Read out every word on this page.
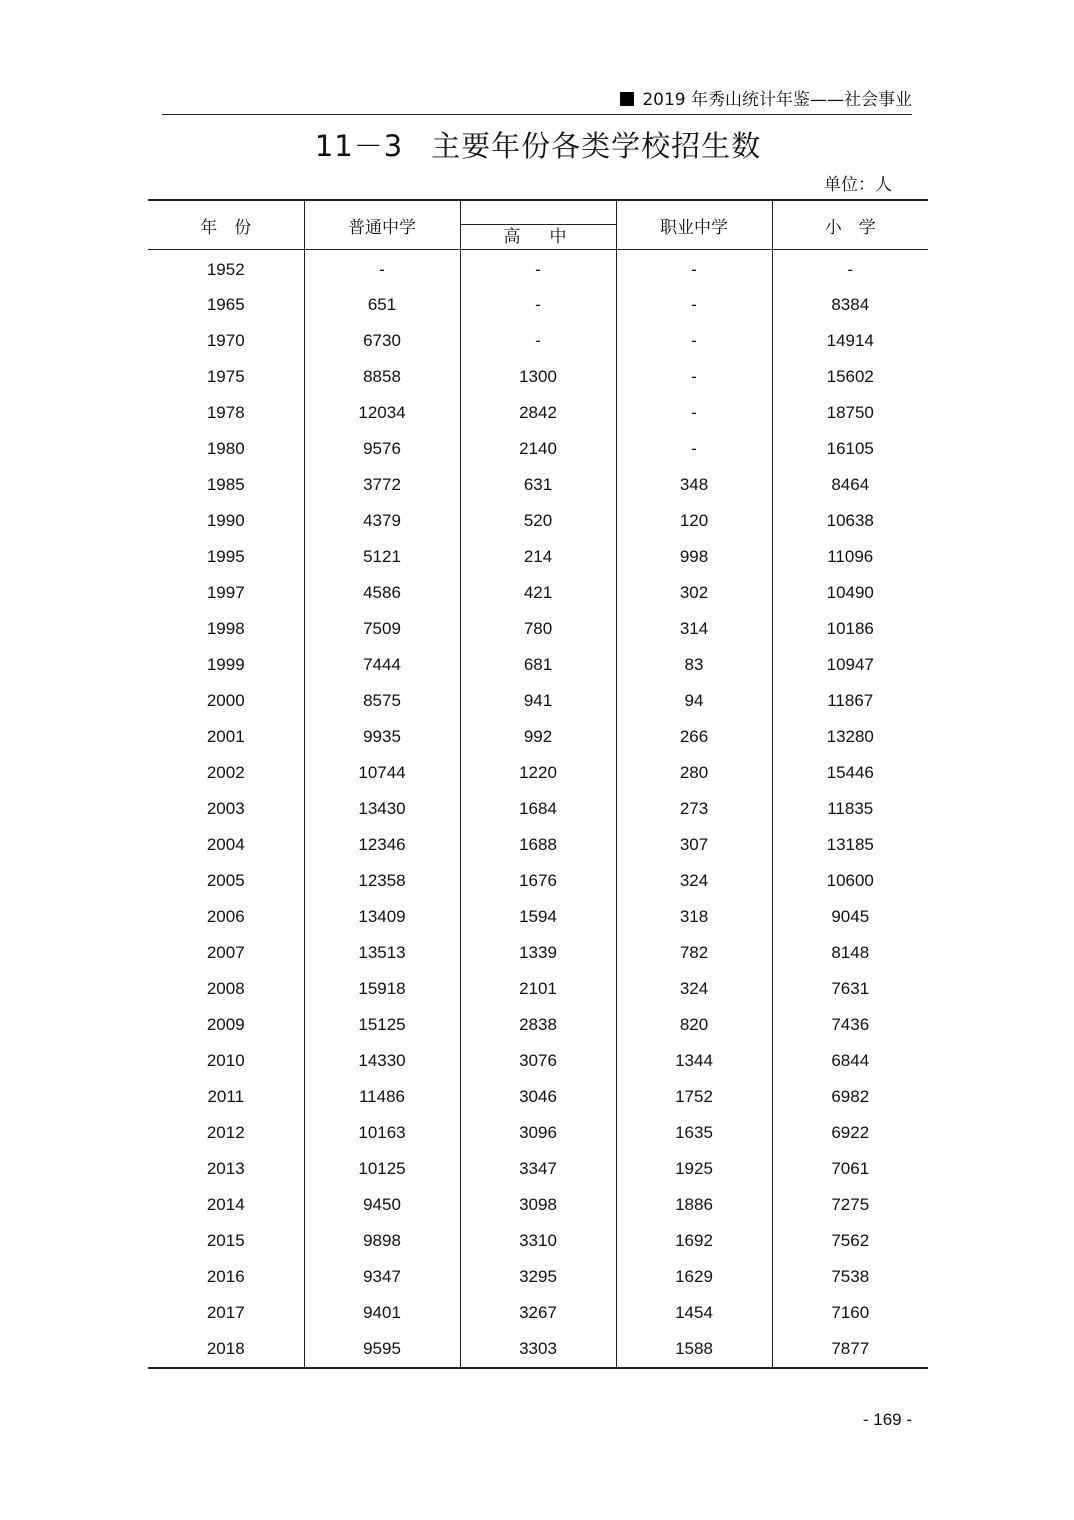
2019 年秀山统计年鉴——社会事业
11－3 主要年份各类学校招生数
单位：人
年　份	普通中学	高　中	职业中学	小　学
1952	-	-	-	-
1965	651	-	-	8384
1970	6730	-	-	14914
1975	8858	1300	-	15602
1978	12034	2842	-	18750
1980	9576	2140	-	16105
1985	3772	631	348	8464
1990	4379	520	120	10638
1995	5121	214	998	11096
1997	4586	421	302	10490
1998	7509	780	314	10186
1999	7444	681	83	10947
2000	8575	941	94	11867
2001	9935	992	266	13280
2002	10744	1220	280	15446
2003	13430	1684	273	11835
2004	12346	1688	307	13185
2005	12358	1676	324	10600
2006	13409	1594	318	9045
2007	13513	1339	782	8148
2008	15918	2101	324	7631
2009	15125	2838	820	7436
2010	14330	3076	1344	6844
2011	11486	3046	1752	6982
2012	10163	3096	1635	6922
2013	10125	3347	1925	7061
2014	9450	3098	1886	7275
2015	9898	3310	1692	7562
2016	9347	3295	1629	7538
2017	9401	3267	1454	7160
2018	9595	3303	1588	7877
- 169 -
